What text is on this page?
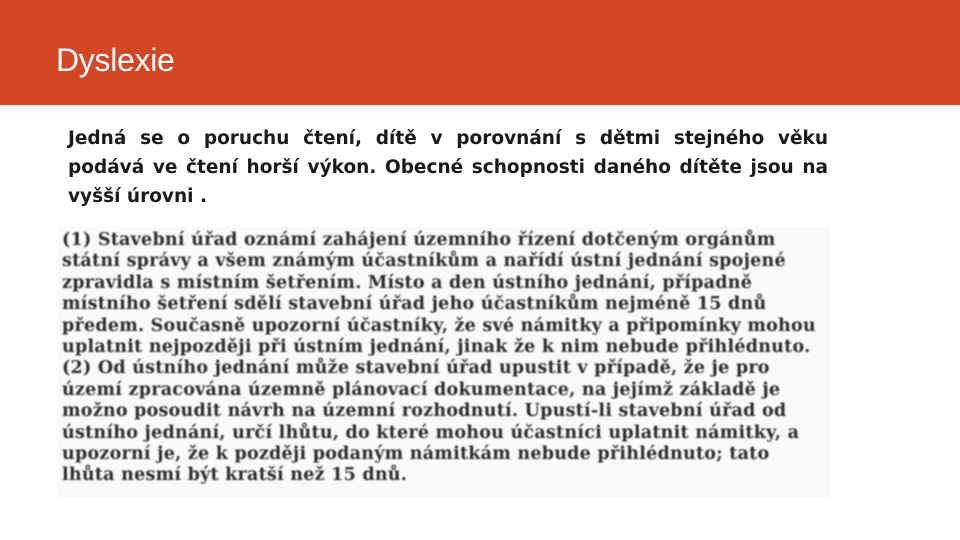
Dyslexie

Jedná se o poruchu čtení, dítě v porovnání s dětmi stejného věku podává ve čtení horší výkon. Obecné schopnosti daného dítěte jsou na vyšší úrovni .

(1) Stavební úřad oznámí zahájení územního řízení dotčeným orgánům
státní správy a všem známým účastníkům a nařídí ústní jednání spojené
zpravidla s místním šetřením. Místo a den ústního jednání, případně
místního šetření sdělí stavební úřad jeho účastníkům nejméně 15 dnů
předem. Současně upozorní účastníky, že své námitky a připomínky mohou
uplatnit nejpozději při ústním jednání, jinak že k nim nebude přihlédnuto.
(2) Od ústního jednání může stavební úřad upustit v případě, že je pro
území zpracována územně plánovací dokumentace, na jejímž základě je
možno posoudit návrh na územní rozhodnutí. Upustí-li stavební úřad od
ústního jednání, určí lhůtu, do které mohou účastníci uplatnit námitky, a
upozorní je, že k později podaným námitkám nebude přihlédnuto; tato
lhůta nesmí být kratší než 15 dnů.
